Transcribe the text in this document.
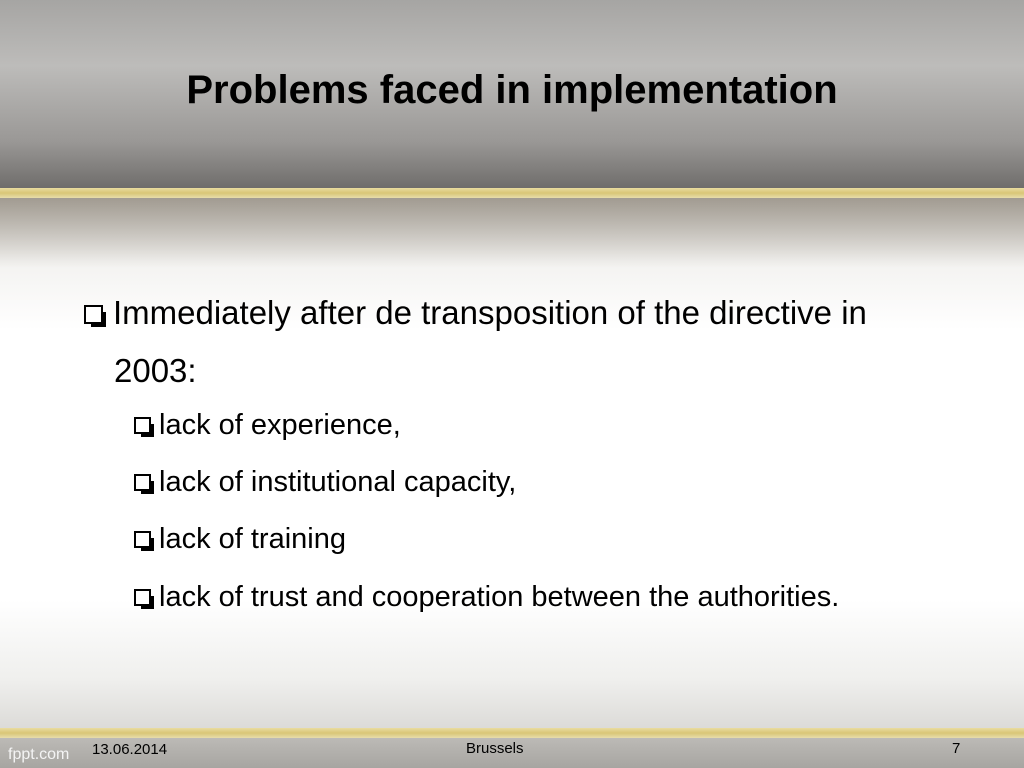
Problems faced in implementation
Immediately after de transposition of the directive in 2003:
lack of experience,
lack of institutional capacity,
lack of training
lack of trust and cooperation between the authorities.
fppt.com 13.06.2014	Brussels	7
